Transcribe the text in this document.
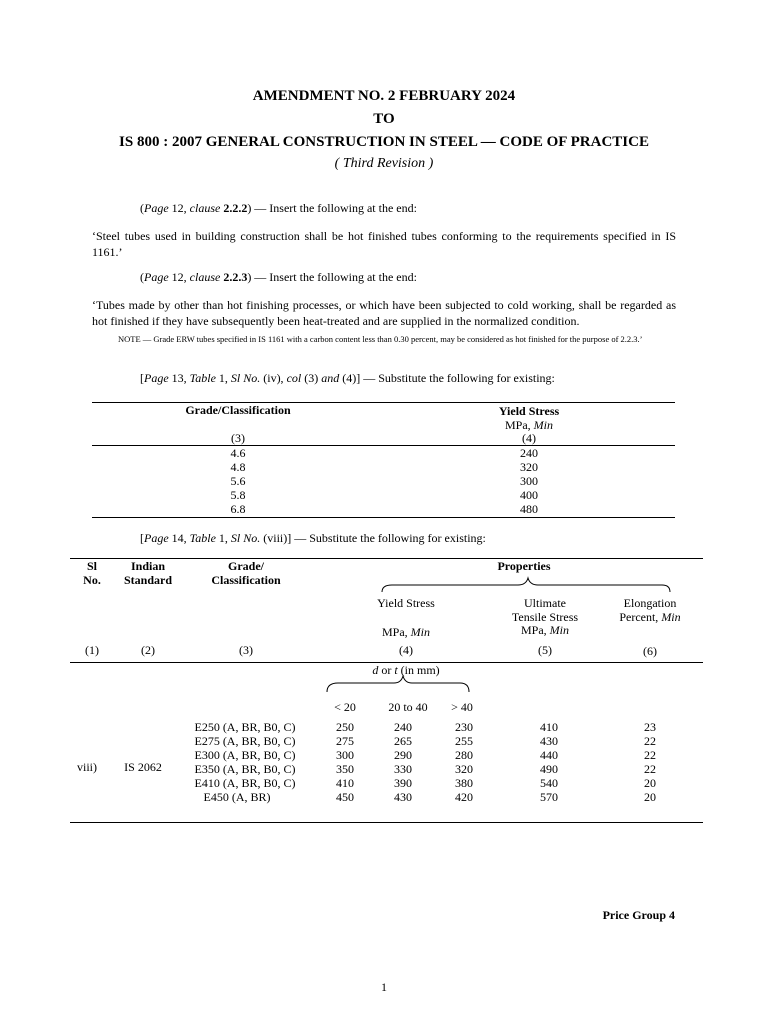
AMENDMENT NO. 2 FEBRUARY 2024
TO
IS 800 : 2007 GENERAL CONSTRUCTION IN STEEL — CODE OF PRACTICE
( Third Revision )
(Page 12, clause 2.2.2) — Insert the following at the end:
‘Steel tubes used in building construction shall be hot finished tubes conforming to the requirements specified in IS 1161.’
(Page 12, clause 2.2.3) — Insert the following at the end:
‘Tubes made by other than hot finishing processes, or which have been subjected to cold working, shall be regarded as hot finished if they have subsequently been heat-treated and are supplied in the normalized condition.
NOTE — Grade ERW tubes specified in IS 1161 with a carbon content less than 0.30 percent, may be considered as hot finished for the purpose of 2.2.3.’
[Page 13, Table 1, Sl No. (iv), col (3) and (4)] — Substitute the following for existing:
Grade/Classification	Yield Stress
MPa, Min
(3)	(4)
4.6	240
4.8	320
5.6	300
5.8	400
6.8	480
[Page 14, Table 1, Sl No. (viii)] — Substitute the following for existing:
Sl
No.
Indian
Standard
Grade/
Classification
Properties
Yield Stress
MPa, Min
Ultimate
Tensile Stress
MPa, Min
Elongation
Percent, Min
(1)	(2)	(3)	(4)	(5)	(6)
d or t (in mm)
< 20	20 to 40	> 40
viii)	IS 2062
E250 (A, BR, B0, C)	250	240	230	410	23
E275 (A, BR, B0, C)	275	265	255	430	22
E300 (A, BR, B0, C)	300	290	280	440	22
E350 (A, BR, B0, C)	350	330	320	490	22
E410 (A, BR, B0, C)	410	390	380	540	20
E450 (A, BR)	450	430	420	570	20
Price Group 4
1
